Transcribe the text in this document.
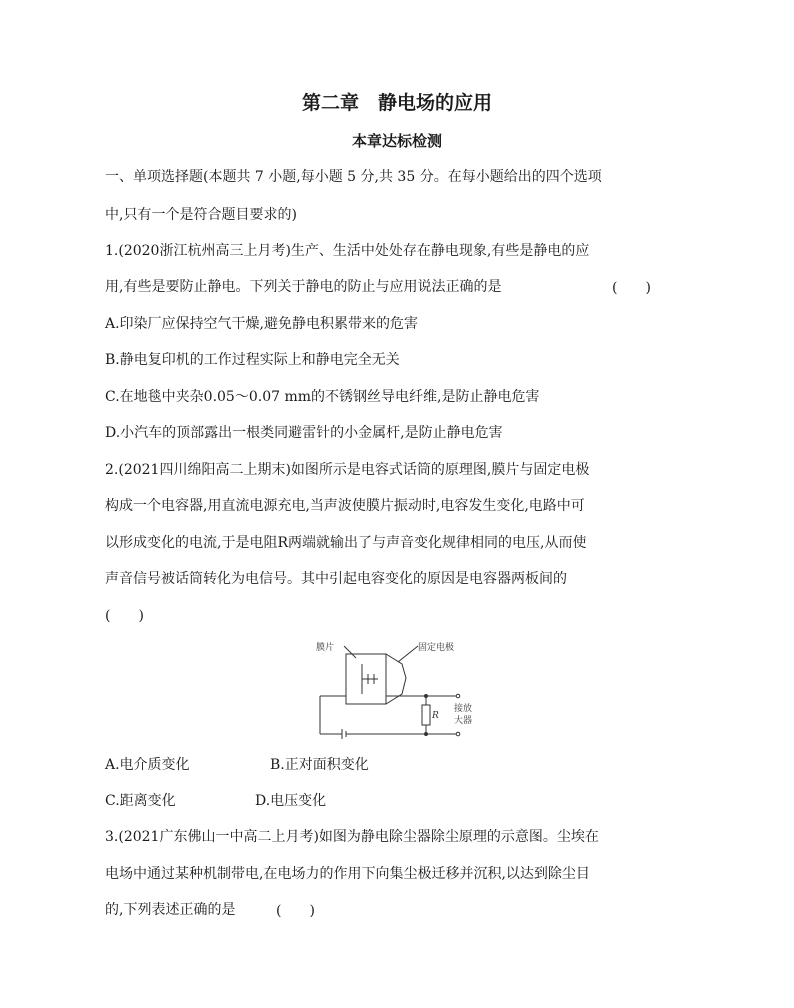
第二章　静电场的应用
本章达标检测
一、单项选择题(本题共 7 小题,每小题 5 分,共 35 分。在每小题给出的四个选项
中,只有一个是符合题目要求的)
1.(2020浙江杭州高三上月考)生产、生活中处处存在静电现象,有些是静电的应
用,有些是要防止静电。下列关于静电的防止与应用说法正确的是	(　　)
A.印染厂应保持空气干燥,避免静电积累带来的危害
B.静电复印机的工作过程实际上和静电完全无关
C.在地毯中夹杂0.05～0.07 mm的不锈钢丝导电纤维,是防止静电危害
D.小汽车的顶部露出一根类同避雷针的小金属杆,是防止静电危害
2.(2021四川绵阳高二上期末)如图所示是电容式话筒的原理图,膜片与固定电极
构成一个电容器,用直流电源充电,当声波使膜片振动时,电容发生变化,电路中可
以形成变化的电流,于是电阻R两端就输出了与声音变化规律相同的电压,从而使
声音信号被话筒转化为电信号。其中引起电容变化的原因是电容器两板间的
(　　)
膜片	固定电极
R
接放
大器
A.电介质变化	B.正对面积变化
C.距离变化	D.电压变化
3.(2021广东佛山一中高二上月考)如图为静电除尘器除尘原理的示意图。尘埃在
电场中通过某种机制带电,在电场力的作用下向集尘极迁移并沉积,以达到除尘目
的,下列表述正确的是	(　　)
